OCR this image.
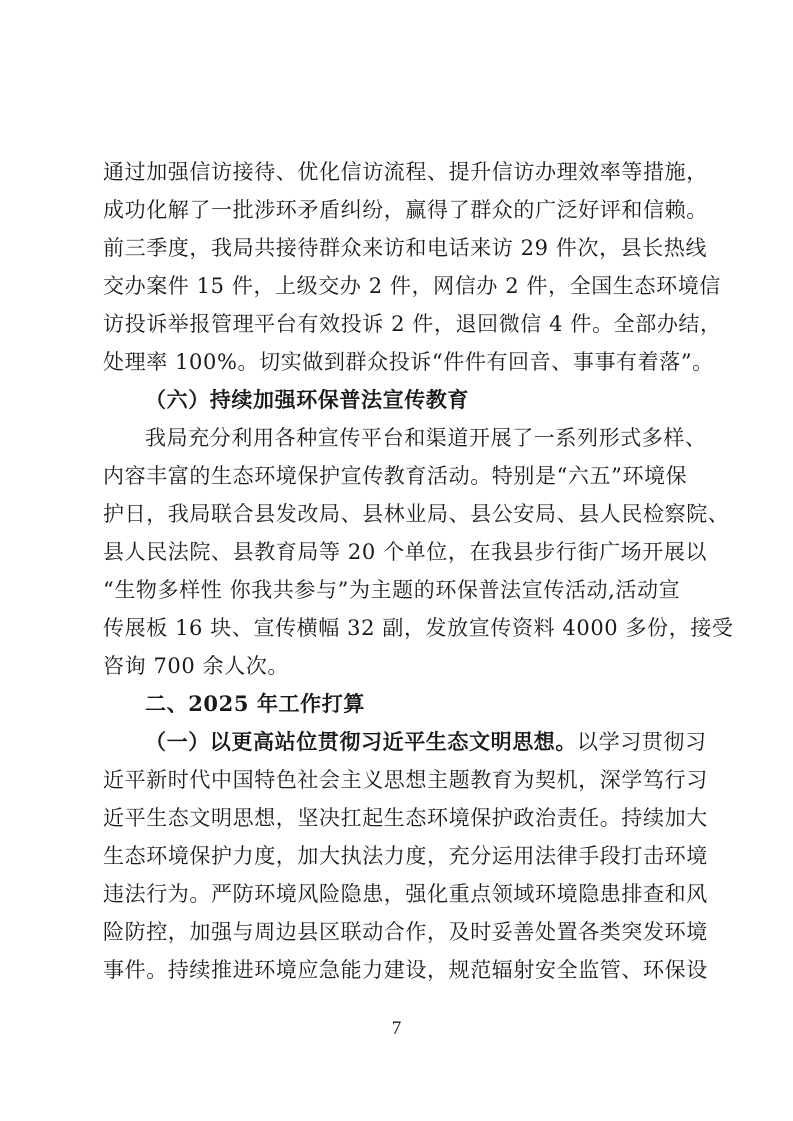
通过加强信访接待、优化信访流程、提升信访办理效率等措施，
成功化解了一批涉环矛盾纠纷，赢得了群众的广泛好评和信赖。
前三季度，我局共接待群众来访和电话来访 29 件次，县长热线
交办案件 15 件，上级交办 2 件，网信办 2 件，全国生态环境信
访投诉举报管理平台有效投诉 2 件，退回微信 4 件。全部办结，
处理率 100%。切实做到群众投诉“件件有回音、事事有着落”。
（六）持续加强环保普法宣传教育
我局充分利用各种宣传平台和渠道开展了一系列形式多样、
内容丰富的生态环境保护宣传教育活动。特别是“六五”环境保
护日，我局联合县发改局、县林业局、县公安局、县人民检察院、
县人民法院、县教育局等 20 个单位，在我县步行街广场开展以
“生物多样性 你我共参与”为主题的环保普法宣传活动,活动宣
传展板 16 块、宣传横幅 32 副，发放宣传资料 4000 多份，接受
咨询 700 余人次。
二、2025 年工作打算
（一）以更高站位贯彻习近平生态文明思想。以学习贯彻习
近平新时代中国特色社会主义思想主题教育为契机，深学笃行习
近平生态文明思想，坚决扛起生态环境保护政治责任。持续加大
生态环境保护力度，加大执法力度，充分运用法律手段打击环境
违法行为。严防环境风险隐患，强化重点领域环境隐患排查和风
险防控，加强与周边县区联动合作，及时妥善处置各类突发环境
事件。持续推进环境应急能力建设，规范辐射安全监管、环保设
7
